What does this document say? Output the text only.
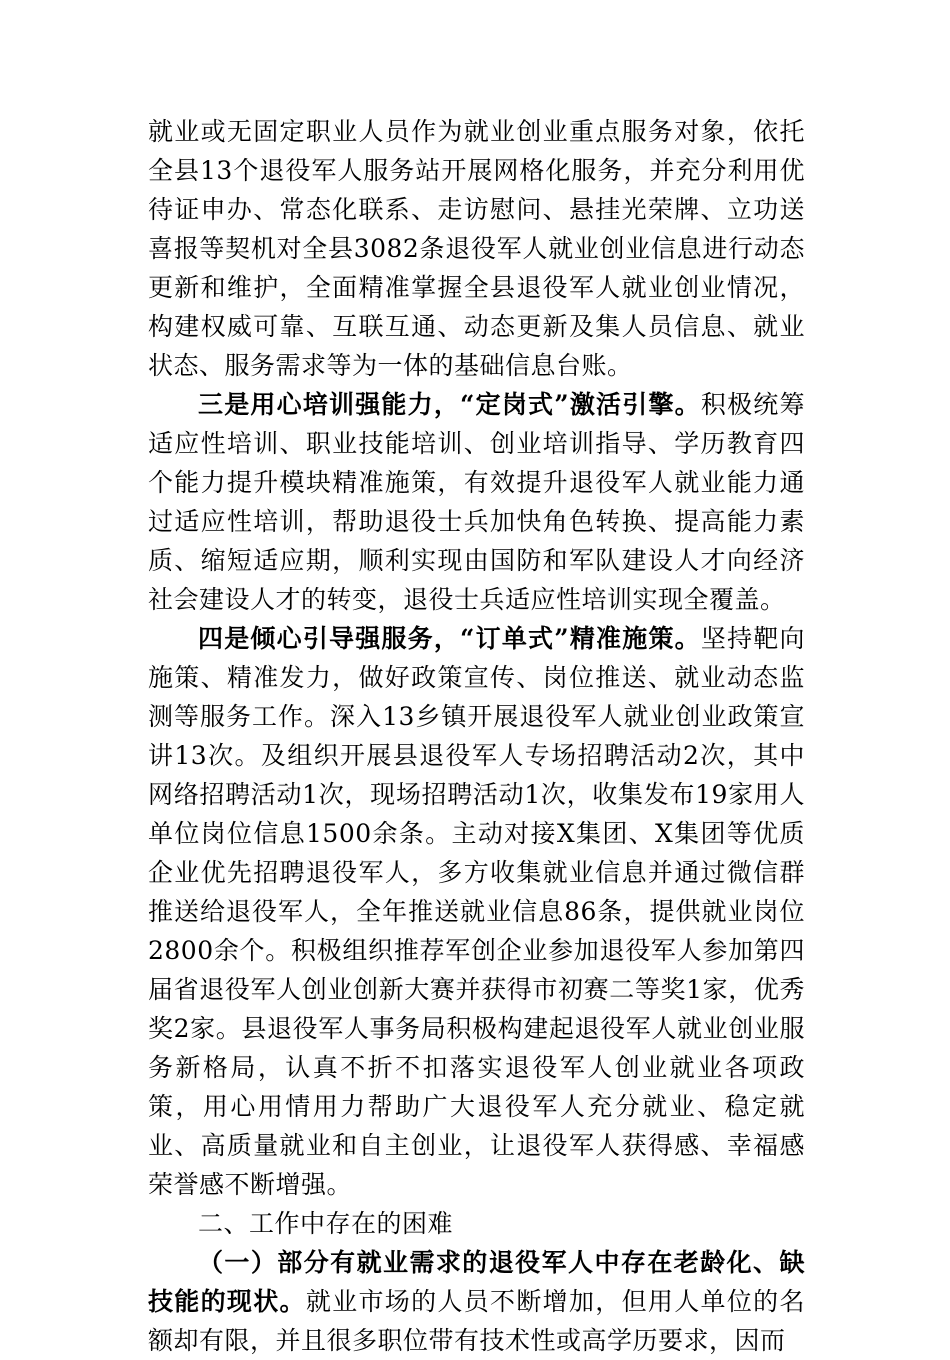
就业或无固定职业人员作为就业创业重点服务对象，依托全县13个退役军人服务站开展网格化服务，并充分利用优待证申办、常态化联系、走访慰问、悬挂光荣牌、立功送喜报等契机对全县3082条退役军人就业创业信息进行动态更新和维护，全面精准掌握全县退役军人就业创业情况，构建权威可靠、互联互通、动态更新及集人员信息、就业状态、服务需求等为一体的基础信息台账。

三是用心培训强能力，“定岗式”激活引擎。积极统筹适应性培训、职业技能培训、创业培训指导、学历教育四个能力提升模块精准施策，有效提升退役军人就业能力通过适应性培训，帮助退役士兵加快角色转换、提高能力素质、缩短适应期，顺利实现由国防和军队建设人才向经济社会建设人才的转变，退役士兵适应性培训实现全覆盖。

四是倾心引导强服务，“订单式”精准施策。坚持靶向施策、精准发力，做好政策宣传、岗位推送、就业动态监测等服务工作。深入13乡镇开展退役军人就业创业政策宣讲13次。及组织开展县退役军人专场招聘活动2次，其中网络招聘活动1次，现场招聘活动1次，收集发布19家用人单位岗位信息1500余条。主动对接X集团、X集团等优质企业优先招聘退役军人，多方收集就业信息并通过微信群推送给退役军人，全年推送就业信息86条，提供就业岗位2800余个。积极组织推荐军创企业参加退役军人参加第四届省退役军人创业创新大赛并获得市初赛二等奖1家，优秀奖2家。县退役军人事务局积极构建起退役军人就业创业服务新格局，认真不折不扣落实退役军人创业就业各项政策，用心用情用力帮助广大退役军人充分就业、稳定就业、高质量就业和自主创业，让退役军人获得感、幸福感荣誉感不断增强。

二、工作中存在的困难

（一）部分有就业需求的退役军人中存在老龄化、缺技能的现状。就业市场的人员不断增加，但用人单位的名额却有限，并且很多职位带有技术性或高学历要求，因而
